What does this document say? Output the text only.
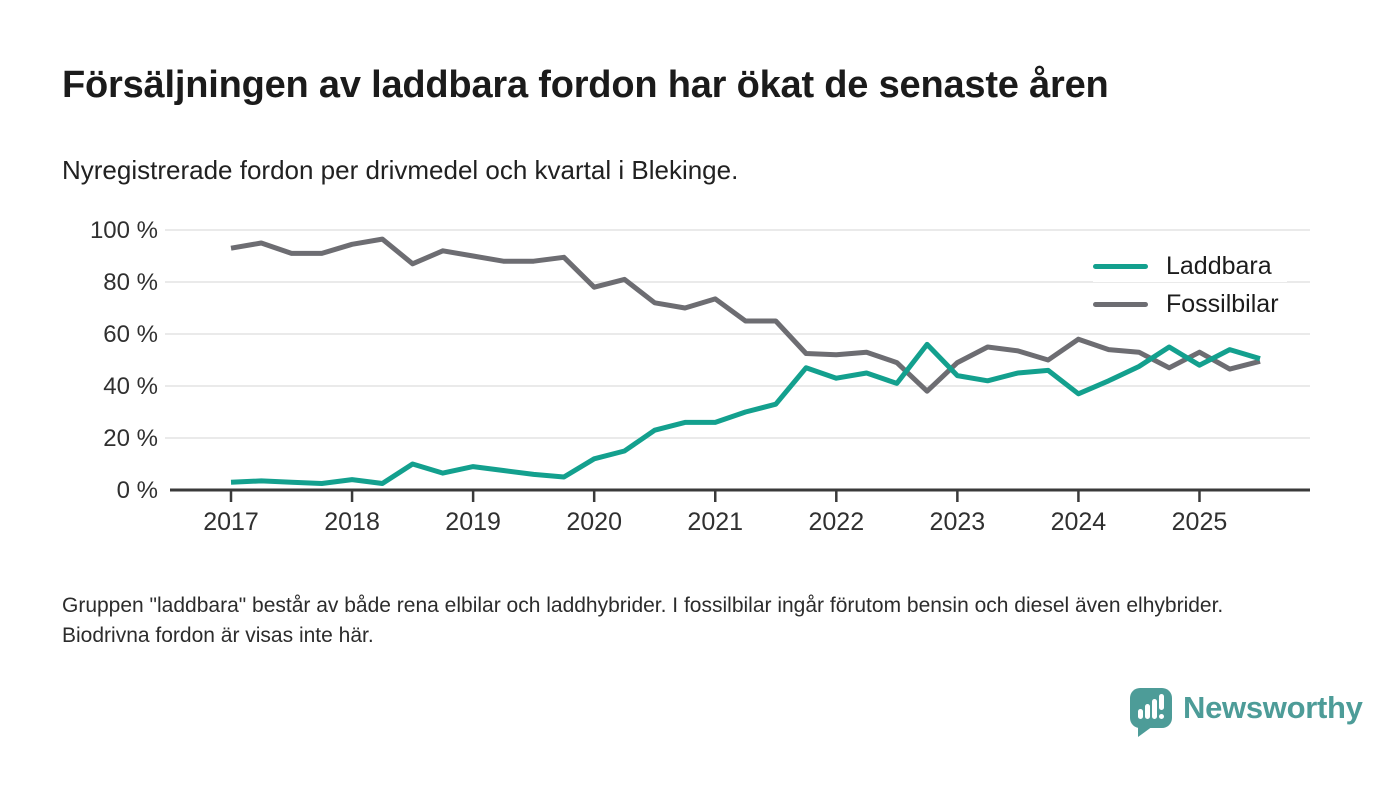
Försäljningen av laddbara fordon har ökat de senaste åren

Nyregistrerade fordon per drivmedel och kvartal i Blekinge.

0 %
20 %
40 %
60 %
80 %
100 %
2017	2018	2019	2020	2021	2022	2023	2024	2025
Laddbara
Fossilbilar

Gruppen "laddbara" består av både rena elbilar och laddhybrider. I fossilbilar ingår förutom bensin och diesel även elhybrider. Biodrivna fordon är visas inte här.

Newsworthy
